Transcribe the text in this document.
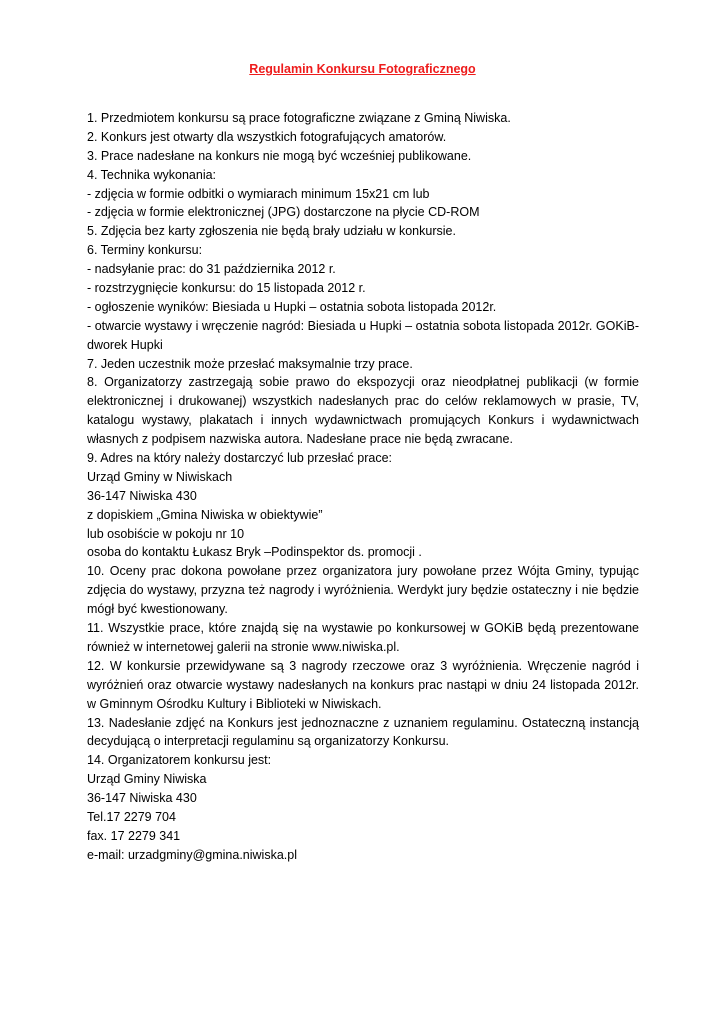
Regulamin Konkursu Fotograficznego
1. Przedmiotem konkursu są prace fotograficzne związane z Gminą Niwiska.
2. Konkurs jest otwarty dla wszystkich fotografujących amatorów.
3. Prace nadesłane na konkurs nie mogą być wcześniej publikowane.
4. Technika wykonania:
- zdjęcia w formie odbitki o wymiarach minimum 15x21 cm lub
- zdjęcia w formie elektronicznej (JPG) dostarczone na płycie CD-ROM
5. Zdjęcia bez karty zgłoszenia nie będą brały udziału w konkursie.
6. Terminy konkursu:
- nadsyłanie prac: do 31 października 2012 r.
- rozstrzygnięcie konkursu: do 15 listopada 2012 r.
- ogłoszenie wyników: Biesiada u Hupki – ostatnia sobota listopada 2012r.
- otwarcie wystawy i wręczenie nagród: Biesiada u Hupki – ostatnia sobota listopada 2012r. GOKiB-
dworek Hupki
7. Jeden uczestnik może przesłać maksymalnie trzy prace.
8. Organizatorzy zastrzegają sobie prawo do ekspozycji oraz nieodpłatnej publikacji (w formie
elektronicznej i drukowanej) wszystkich nadesłanych prac do celów reklamowych w prasie, TV,
katalogu wystawy, plakatach i innych wydawnictwach promujących Konkurs i wydawnictwach
własnych z podpisem nazwiska autora. Nadesłane prace nie będą zwracane.
9. Adres na który należy dostarczyć lub przesłać prace:
Urząd Gminy w Niwiskach
36-147 Niwiska 430
z dopiskiem „Gmina Niwiska w obiektywie”
lub osobiście w pokoju nr 10
osoba do kontaktu Łukasz Bryk –Podinspektor ds. promocji .
10. Oceny prac dokona powołane przez organizatora jury powołane przez Wójta Gminy, typując
zdjęcia do wystawy, przyzna też nagrody i wyróżnienia. Werdykt jury będzie ostateczny i nie będzie
mógł być kwestionowany.
11. Wszystkie prace, które znajdą się na wystawie po konkursowej w GOKiB będą prezentowane
również w internetowej galerii na stronie www.niwiska.pl.
12. W konkursie przewidywane są 3 nagrody rzeczowe oraz 3 wyróżnienia. Wręczenie nagród i
wyróżnień oraz otwarcie wystawy nadesłanych na konkurs prac nastąpi w dniu 24 listopada 2012r.
w Gminnym Ośrodku Kultury i Biblioteki w Niwiskach.
13. Nadesłanie zdjęć na Konkurs jest jednoznaczne z uznaniem regulaminu. Ostateczną instancją
decydującą o interpretacji regulaminu są organizatorzy Konkursu.
14. Organizatorem konkursu jest:
Urząd Gminy Niwiska
36-147 Niwiska 430
Tel.17 2279 704
fax. 17 2279 341
e-mail: urzadgminy@gmina.niwiska.pl
